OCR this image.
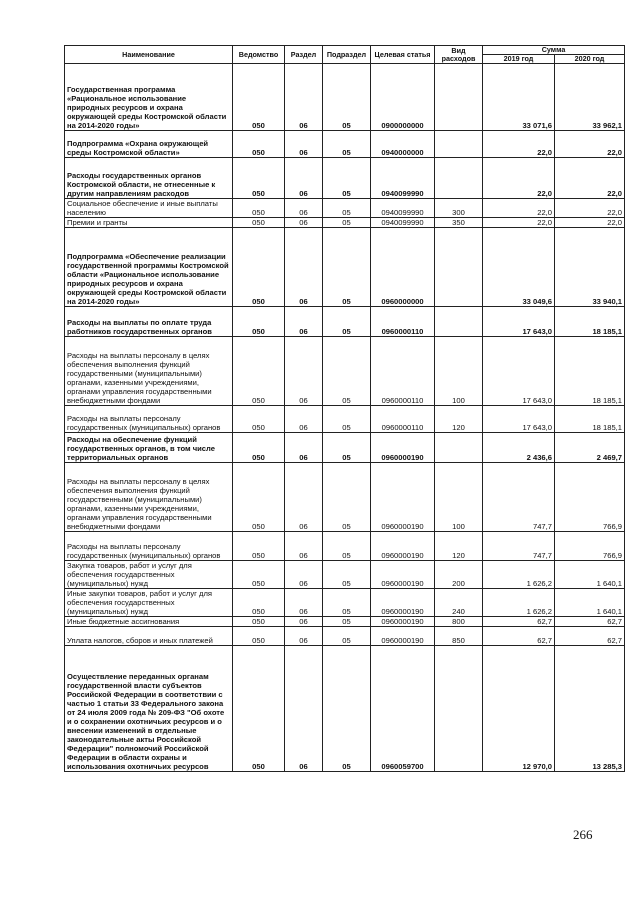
Наименование	Ведомство	Раздел	Подраздел	Целевая статья	Вид расходов	Сумма	
						2019 год	2020 год
Государственная программа «Рациональное использование природных ресурсов и охрана окружающей среды Костромской области на 2014-2020 годы»	050	06	05	0900000000		33 071,6	33 962,1
Подпрограмма «Охрана окружающей среды Костромской области»	050	06	05	0940000000		22,0	22,0
Расходы государственных органов Костромской области, не отнесенные к другим направлениям расходов	050	06	05	0940099990		22,0	22,0
Социальное обеспечение и иные выплаты населению	050	06	05	0940099990	300	22,0	22,0
Премии и гранты	050	06	05	0940099990	350	22,0	22,0
Подпрограмма «Обеспечение реализации государственной программы Костромской области «Рациональное использование природных ресурсов и охрана окружающей среды Костромской области на 2014-2020 годы»	050	06	05	0960000000		33 049,6	33 940,1
Расходы на выплаты по оплате труда работников государственных органов	050	06	05	0960000110		17 643,0	18 185,1
Расходы на выплаты персоналу в целях обеспечения выполнения функций государственными (муниципальными) органами, казенными учреждениями, органами управления государственными внебюджетными фондами	050	06	05	0960000110	100	17 643,0	18 185,1
Расходы на выплаты персоналу государственных (муниципальных) органов	050	06	05	0960000110	120	17 643,0	18 185,1
Расходы на обеспечение функций государственных органов, в том числе территориальных органов	050	06	05	0960000190		2 436,6	2 469,7
Расходы на выплаты персоналу в целях обеспечения выполнения функций государственными (муниципальными) органами, казенными учреждениями, органами управления государственными внебюджетными фондами	050	06	05	0960000190	100	747,7	766,9
Расходы на выплаты персоналу государственных (муниципальных) органов	050	06	05	0960000190	120	747,7	766,9
Закупка товаров, работ и услуг для обеспечения государственных (муниципальных) нужд	050	06	05	0960000190	200	1 626,2	1 640,1
Иные закупки товаров, работ и услуг для обеспечения государственных (муниципальных) нужд	050	06	05	0960000190	240	1 626,2	1 640,1
Иные бюджетные ассигнования	050	06	05	0960000190	800	62,7	62,7
Уплата налогов, сборов и иных платежей	050	06	05	0960000190	850	62,7	62,7
Осуществление переданных органам государственной власти субъектов Российской Федерации в соответствии с частью 1 статьи 33 Федерального закона от 24 июля 2009 года № 209-ФЗ "Об охоте и о сохранении охотничьих ресурсов и о внесении изменений в отдельные законодательные акты Российской Федерации" полномочий Российской Федерации в области охраны и использования охотничьих ресурсов	050	06	05	0960059700		12 970,0	13 285,3
266
